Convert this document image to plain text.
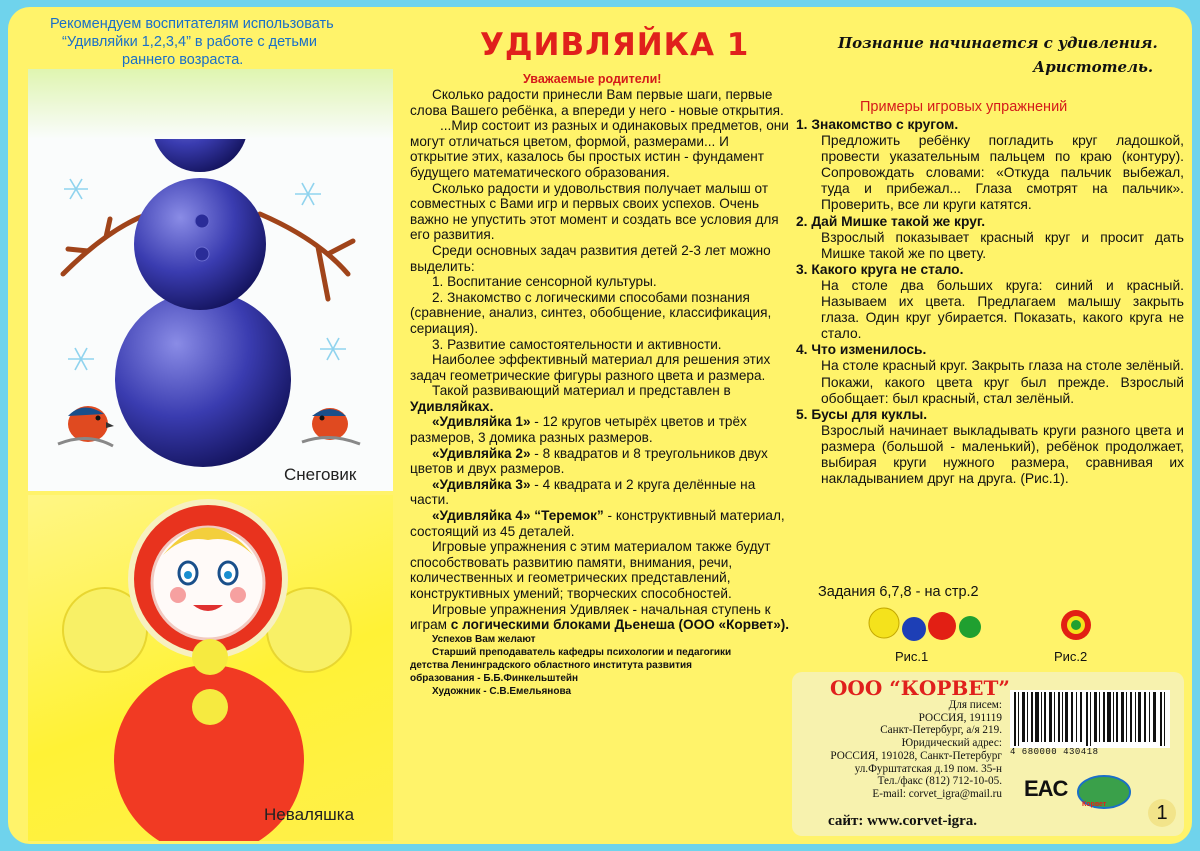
Рекомендуем воспитателям использовать
“Удивляйки 1,2,3,4” в работе с детьми
раннего возраста.
Снеговик
Неваляшка
УДИВЛЯЙКА 1
Уважаемые родители!

Сколько радости принесли Вам первые шаги, первые слова Вашего ребёнка, а впереди у него - новые открытия.

...Мир состоит из разных и одинаковых предметов, они могут отличаться цветом, формой, размерами... И открытие этих, казалось бы простых истин - фундамент будущего математического образования.

Сколько радости и удовольствия получает малыш от совместных с Вами игр и первых своих успехов. Очень важно не упустить этот момент и создать все условия для его развития.

Среди основных задач развития детей 2-3 лет можно выделить:

1. Воспитание сенсорной культуры.

2. Знакомство с логическими способами познания (сравнение, анализ, синтез, обобщение, классификация, сериация).

3. Развитие самостоятельности и активности.

Наиболее эффективный материал для решения этих задач геометрические фигуры разного цвета и размера.

Такой развивающий материал и представлен в

Удивляйках.

«Удивляйка 1» - 12 кругов четырёх цветов и трёх размеров, 3 домика разных размеров.

«Удивляйка 2» - 8 квадратов и 8 треугольников двух цветов и двух размеров.

«Удивляйка 3» - 4 квадрата и 2 круга делённые на части.

«Удивляйка 4» “Теремок” - конструктивный материал, состоящий из 45 деталей.

Игровые упражнения с этим материалом также будут способствовать развитию памяти, внимания, речи, количественных и геометрических представлений, конструктивных умений; творческих способностей.

Игровые упражнения Удивляек - начальная ступень к играм с логическими блоками Дьенеша (ООО «Корвет»).

Успехов Вам желают
Старший преподаватель кафедры психологии и педагогики
детства Ленинградского областного института развития
образования - Б.Б.Финкельштейн
Художник - С.В.Емельянова
Познание начинается с удивления.
Аристотель.
Примеры игровых упражнений
1. Знакомство с кругом.
Предложить ребёнку погладить круг ладошкой, провести указательным пальцем по краю (контуру). Сопровождать словами: «Откуда пальчик выбежал, туда и прибежал... Глаза смотрят на пальчик». Проверить, все ли круги катятся.
2. Дай Мишке такой же круг.
Взрослый показывает красный круг и просит дать Мишке такой же по цвету.
3. Какого круга не стало.
На столе два больших круга: синий и красный. Называем их цвета. Предлагаем малышу закрыть глаза. Один круг убирается. Показать, какого круга не стало.
4. Что изменилось.
На столе красный круг. Закрыть глаза на столе зелёный. Покажи, какого цвета круг был прежде. Взрослый обобщает: был красный, стал зелёный.
5. Бусы для куклы.
Взрослый начинает выкладывать круги разного цвета и размера (большой - маленький), ребёнок продолжает, выбирая круги нужного размера, сравнивая их накладыванием друг на друга. (Рис.1).
Задания 6,7,8 - на стр.2
Рис.1	Рис.2
ООО “КОРВЕТ”
Для писем:
РОССИЯ, 191119
Санкт-Петербург, а/я 219.
Юридический адрес:
РОССИЯ, 191028, Санкт-Петербург
ул.Фурштатская д.19 пом. 35-н
Тел./факс (812) 712-10-05.
E-mail: corvet_igra@mail.ru
4 680000 430418
EAC
Корвет
сайт: www.corvet-igra.	1
